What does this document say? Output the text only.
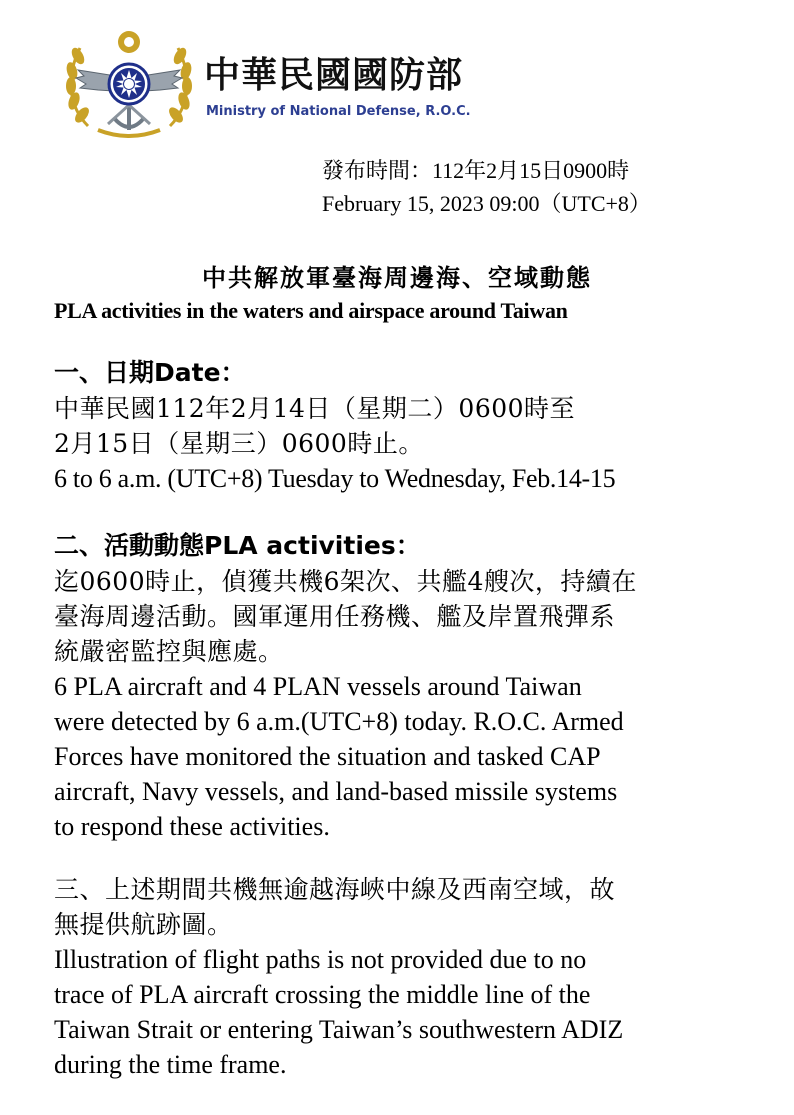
中華民國國防部
Ministry of National Defense, R.O.C.
發布時間：112年2月15日0900時
February 15, 2023 09:00（UTC+8）
中共解放軍臺海周邊海、空域動態
PLA activities in the waters and airspace around Taiwan
一、日期Date：
中華民國112年2月14日（星期二）0600時至
2月15日（星期三）0600時止。
6 to 6 a.m. (UTC+8) Tuesday to Wednesday, Feb.14-15
二、活動動態PLA activities：
迄0600時止，偵獲共機6架次、共艦4艘次，持續在
臺海周邊活動。國軍運用任務機、艦及岸置飛彈系
統嚴密監控與應處。
6 PLA aircraft and 4 PLAN vessels around Taiwan
were detected by 6 a.m.(UTC+8) today. R.O.C. Armed
Forces have monitored the situation and tasked CAP
aircraft, Navy vessels, and land-based missile systems
to respond these activities.
三、上述期間共機無逾越海峽中線及西南空域，故
無提供航跡圖。
Illustration of flight paths is not provided due to no
trace of PLA aircraft crossing the middle line of the
Taiwan Strait or entering Taiwan’s southwestern ADIZ
during the time frame.
